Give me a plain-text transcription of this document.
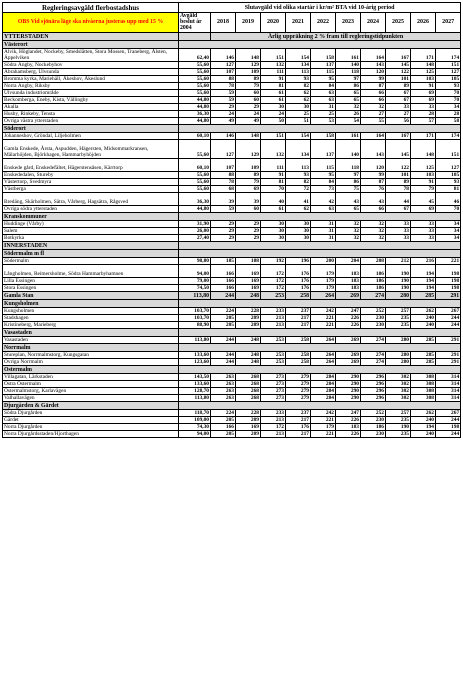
Regleringsavgäld flerbostadshus	Slutavgäld vid olika startår i kr/m² BTA vid 10-årig period										
OBS Vid sjönära läge ska nivåerna justeras upp med 15 %	Avgäld beslut år 2004	2018	2019	2020	2021	2022	2023	2024	2025	2026	2027
YTTERSTADEN		Årlig uppräkning 2 % fram till regleringstidpunkten									
Västerort											
Alvik, Höglandet, Nockeby, Smedslätten, Stora Mossen, Traneberg, Ålsten, Äppelviken	62,40	146	148	151	154	158	161	164	167	171	174
Södra Ängby, Nockebyhov	55,60	127	129	132	134	137	140	143	145	148	151
Abrahamsberg, Ulvsunda	55,60	107	109	111	113	115	118	120	122	125	127
Bromma kyrka, Mariehäll, Åkeshov, Åkeslund	55,60	88	89	91	93	95	97	99	101	103	105
Norra Ängby, Riksby	55,60	78	79	81	82	84	86	87	89	91	93
Ulvsunda industriområde	55,60	59	60	61	62	63	65	66	67	69	70
Beckomberga, Eneby, Kista, Vällingby	44,80	59	60	61	62	63	65	66	67	69	70
Akalla	44,80	29	29	30	30	31	32	32	33	33	34
Husby, Rinkeby, Tensta	36,30	24	24	24	25	25	26	27	27	28	28
Övriga västra ytterstaden	44,80	49	49	50	51	53	54	55	56	57	58
Söderort											
Johanneshov, Gröndal, Liljeholmen	60,10	146	148	151	154	158	161	164	167	171	174
Gamla Enskede, Årsta, Aspudden, Hägersten, Midsommarkransen, Mälarhöjden, Björkhagen, Hammarbyhöjden	55,60	127	129	132	134	137	140	143	145	148	151
Enskede gård, Enskedefältet, Hägerstensåsen, Kärrtorp	60,10	107	109	111	113	115	118	120	122	125	127
Enskededalen, Stureby	55,60	88	89	91	93	95	97	99	101	103	105
Västertorp, Svedmyra	55,60	78	79	81	82	84	86	87	89	91	93
Västberga	55,60	68	69	70	72	73	75	76	78	79	81
Bredäng, Skärholmen, Sätra, Vårberg, Hagsätra, Rågsved	36,30	39	39	40	41	42	43	43	44	45	46
Övriga södra ytterstaden	44,80	59	60	61	62	63	65	66	67	69	70
Kranskommuner											
Huddinge (Vårby)	31,90	29	29	30	30	31	32	32	33	33	34
Salem	26,00	29	29	30	30	31	32	32	33	33	34
Botkyrka	27,40	29	29	30	30	31	32	32	33	33	34
INNERSTADEN											
Södermalm m fl											
Södermalm	98,80	185	188	192	196	200	204	208	212	216	221
Långholmen, Reimersholme, Södra Hammarbyhamnen	94,00	166	169	172	176	179	183	186	190	194	198
Lilla Essingen	79,00	166	169	172	176	179	183	186	190	194	198
Stora Essingen	74,50	166	169	172	176	179	183	186	190	194	198
Gamla Stan	113,80	244	248	253	258	264	269	274	280	285	291
Kungsholmen											
Kungsholmen	103,70	224	228	233	237	242	247	252	257	262	267
Stadshagen	103,70	205	209	213	217	221	226	230	235	240	244
Kristineberg, Marieberg	88,90	205	209	213	217	221	226	230	235	240	244
Vasastaden											
Vasastaden	113,80	244	248	253	258	264	269	274	280	285	291
Norrmalm											
Stureplan, Norrmalmstorg, Kungsgatan	133,60	244	248	253	258	264	269	274	280	285	291
Övriga Norrmalm	123,60	244	248	253	258	264	269	274	280	285	291
Östermalm											
Villagatan, Lärkstaden	143,50	263	268	273	279	284	290	296	302	308	314
Östra Östermalm	133,60	263	268	273	279	284	290	296	302	308	314
Östermalmstorg, Karlavägen	128,70	263	268	273	279	284	290	296	302	308	314
Valhallavägen	113,80	263	268	273	279	284	290	296	302	308	314
Djurgården & Gärdet											
Södra Djurgården	118,70	224	228	233	237	242	247	252	257	262	267
Gärdet	109,00	205	209	213	217	221	226	230	235	240	244
Norra Djurgården	74,30	166	169	172	176	179	183	186	190	194	198
Norra Djurgårdsstaden/Hjorthagen	94,00	205	209	213	217	221	226	230	235	240	244
